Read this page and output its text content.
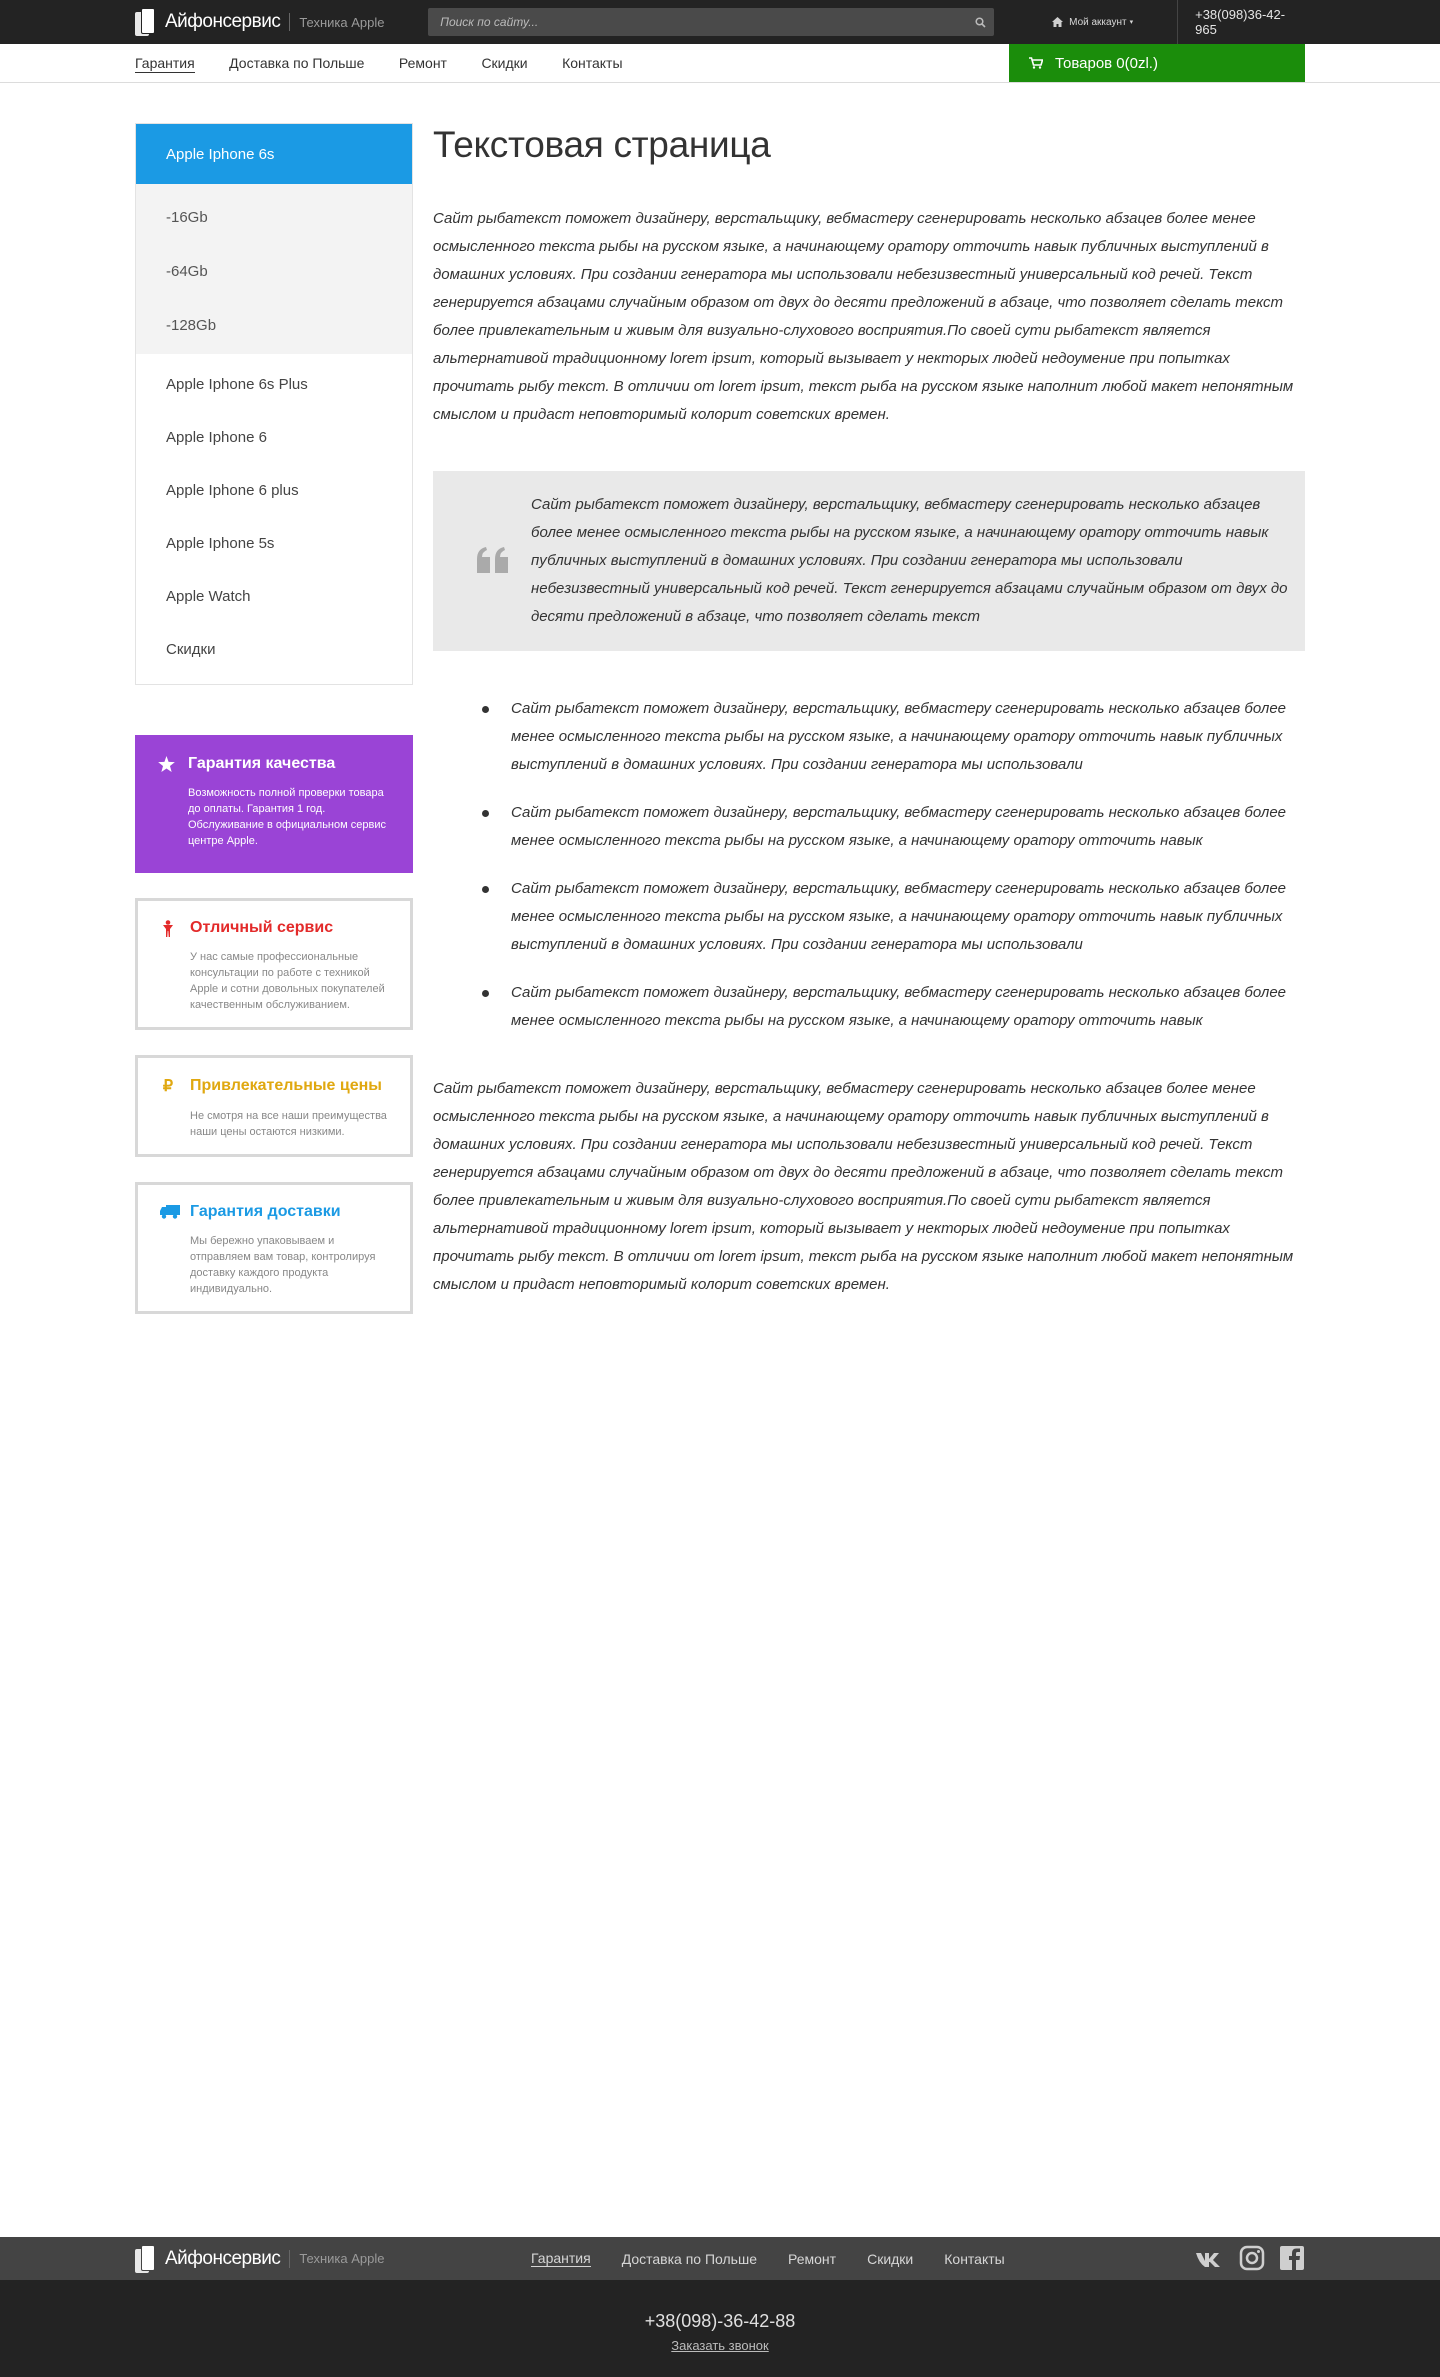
Айфонсервис Техника Apple
Поиск по сайту...	Мой аккаунт ▾
+38(098)36-42-965
Гарантия Доставка по Польше Ремонт Скидки Контакты	Товаров 0(0zl.)
Apple Iphone 6s
-16Gb
-64Gb
-128Gb
Apple Iphone 6s Plus
Apple Iphone 6
Apple Iphone 6 plus
Apple Iphone 5s
Apple Watch
Скидки
Гарантия качества
Возможность полной проверки товара до оплаты. Гарантия 1 год. Обслуживание в официальном сервис центре Apple.
Отличный сервис
У нас самые профессиональные консультации по работе с техникой Apple и сотни довольных покупателей качественным обслуживанием.
₽	Привлекательные цены
Не смотря на все наши преимущества наши цены остаются низкими.
Гарантия доставки
Мы бережно упаковываем и отправляем вам товар, контролируя доставку каждого продукта индивидуально.
Текстовая страница

Сайт рыбатекст поможет дизайнеру, верстальщику, вебмастеру сгенерировать несколько абзацев более менее осмысленного текста рыбы на русском языке, а начинающему оратору отточить навык публичных выступлений в домашних условиях. При создании генератора мы использовали небезизвестный универсальный код речей. Текст генерируется абзацами случайным образом от двух до десяти предложений в абзаце, что позволяет сделать текст более привлекательным и живым для визуально-слухового восприятия.По своей сути рыбатекст является альтернативой традиционному lorem ipsum, который вызывает у некторых людей недоумение при попытках прочитать рыбу текст. В отличии от lorem ipsum, текст рыба на русском языке наполнит любой макет непонятным смыслом и придаст неповторимый колорит советских времен.

Сайт рыбатекст поможет дизайнеру, верстальщику, вебмастеру сгенерировать несколько абзацев более менее осмысленного текста рыбы на русском языке, а начинающему оратору отточить навык публичных выступлений в домашних условиях. При создании генератора мы использовали небезизвестный универсальный код речей. Текст генерируется абзацами случайным образом от двух до десяти предложений в абзаце, что позволяет сделать текст

Сайт рыбатекст поможет дизайнеру, верстальщику, вебмастеру сгенерировать несколько абзацев более менее осмысленного текста рыбы на русском языке, а начинающему оратору отточить навык публичных выступлений в домашних условиях. При создании генератора мы использовали
Сайт рыбатекст поможет дизайнеру, верстальщику, вебмастеру сгенерировать несколько абзацев более менее осмысленного текста рыбы на русском языке, а начинающему оратору отточить навык
Сайт рыбатекст поможет дизайнеру, верстальщику, вебмастеру сгенерировать несколько абзацев более менее осмысленного текста рыбы на русском языке, а начинающему оратору отточить навык публичных выступлений в домашних условиях. При создании генератора мы использовали
Сайт рыбатекст поможет дизайнеру, верстальщику, вебмастеру сгенерировать несколько абзацев более менее осмысленного текста рыбы на русском языке, а начинающему оратору отточить навык

Сайт рыбатекст поможет дизайнеру, верстальщику, вебмастеру сгенерировать несколько абзацев более менее осмысленного текста рыбы на русском языке, а начинающему оратору отточить навык публичных выступлений в домашних условиях. При создании генератора мы использовали небезизвестный универсальный код речей. Текст генерируется абзацами случайным образом от двух до десяти предложений в абзаце, что позволяет сделать текст более привлекательным и живым для визуально-слухового восприятия.По своей сути рыбатекст является альтернативой традиционному lorem ipsum, который вызывает у некторых людей недоумение при попытках прочитать рыбу текст. В отличии от lorem ipsum, текст рыба на русском языке наполнит любой макет непонятным смыслом и придаст неповторимый колорит советских времен.

Айфонсервис Техника Apple	Гарантия Доставка по Польше Ремонт Скидки Контакты
+38(098)-36-42-88
Заказать звонок
